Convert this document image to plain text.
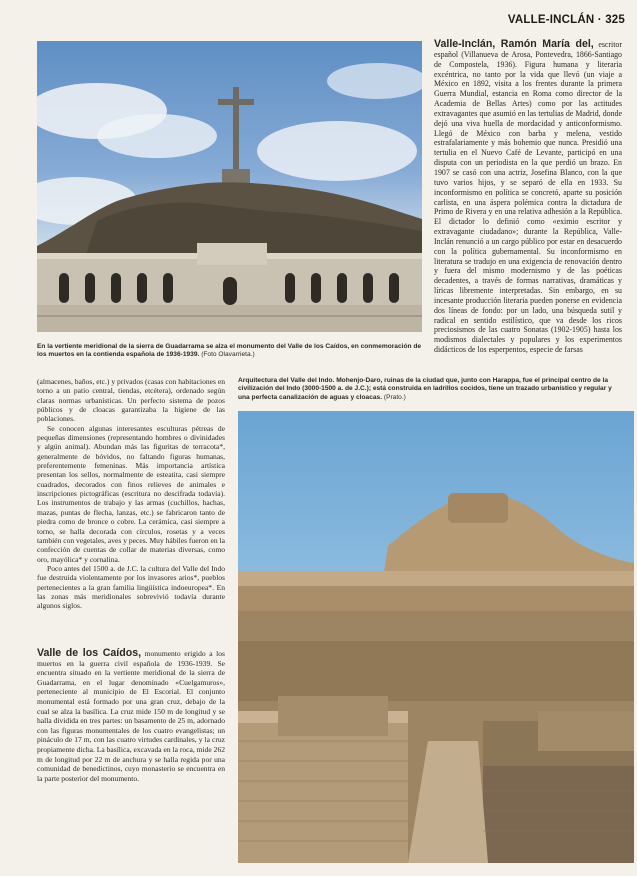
VALLE-INCLÁN · 325
En la vertiente meridional de la sierra de Guadarrama se alza el monumento del Valle de los Caídos, en conmemoración de los muertos en la contienda española de 1936-1939. (Foto Olavarrieta.)

Valle-Inclán, Ramón María del, escritor español (Villanueva de Arosa, Pontevedra, 1866-Santiago de Compostela, 1936). Figura humana y literaria excéntrica, no tanto por la vida que llevó (un viaje a México en 1892, visita a los frentes durante la primera Guerra Mundial, estancia en Roma como director de la Academia de Bellas Artes) como por las actitudes extravagantes que asumió en las tertulias de Madrid, donde dejó una viva huella de mordacidad y anticonformismo. Llegó de México con barba y melena, vestido estrafalariamente y más bohemio que nunca. Presidió una tertulia en el Nuevo Café de Levante, participó en una disputa con un periodista en la que perdió un brazo. En 1907 se casó con una actriz, Josefina Blanco, con la que tuvo varios hijos, y se separó de ella en 1933. Su inconformismo en política se concretó, aparte su posición carlista, en una áspera polémica contra la dictadura de Primo de Rivera y en una relativa adhesión a la República. El dictador lo definió como «eximio escritor y extravagante ciudadano»; durante la República, Valle-Inclán renunció a un cargo público por estar en desacuerdo con la política gubernamental. Su inconformismo en literatura se tradujo en una exigencia de renovación dentro y fuera del mismo modernismo y de las poéticas decadentes, a través de formas narrativas, dramáticas y líricas libremente interpretadas. Sin embargo, en su incesante producción literaria pueden ponerse en evidencia dos líneas de fondo: por un lado, una búsqueda sutil y radical en sentido estilístico, que va desde los ricos preciosismos de las cuatro Sonatas (1902-1905) hasta los modismos dialectales y populares y los experimentos didácticos de los esperpentos, especie de farsas

(almacenes, baños, etc.) y privados (casas con habitaciones en torno a un patio central, tiendas, etcétera), ordenado según claras normas urbanísticas. Un perfecto sistema de pozos públicos y de cloacas garantizaba la higiene de las poblaciones.

Se conocen algunas interesantes esculturas pétreas de pequeñas dimensiones (representando hombres o divinidades y algún animal). Abundan más las figuritas de terracota*, generalmente de bóvidos, no faltando figuras humanas, preferentemente femeninas. Más importancia artística presentan los sellos, normalmente de esteatita, casi siempre cuadrados, decorados con finos relieves de animales e inscripciones pictográficas (escritura no descifrada todavía). Los instrumentos de trabajo y las armas (cuchillos, hachas, mazas, puntas de flecha, lanzas, etc.) se fabricaron tanto de piedra como de bronce o cobre. La cerámica, casi siempre a torno, se halla decorada con círculos, rosetas y a veces también con vegetales, aves y peces. Muy hábiles fueron en la confección de cuentas de collar de materias diversas, como oro, mayólica* y cornalina.

Poco antes del 1500 a. de J.C. la cultura del Valle del Indo fue destruida violentamente por los invasores arios*, pueblos pertenecientes a la gran familia lingüística indoeuropea*. En las zonas más meridionales sobrevivió todavía durante algunos siglos.

Valle de los Caídos, monumento erigido a los muertos en la guerra civil española de 1936-1939. Se encuentra situado en la vertiente meridional de la sierra de Guadarrama, en el lugar denominado «Cuelgamuros», perteneciente al municipio de El Escorial. El conjunto monumental está formado por una gran cruz, debajo de la cual se alza la basílica. La cruz mide 150 m de longitud y se halla dividida en tres partes: un basamento de 25 m, adornado con las figuras monumentales de los cuatro evangelistas; un pináculo de 17 m, con las cuatro virtudes cardinales, y la cruz propiamente dicha. La basílica, excavada en la roca, mide 262 m de longitud por 22 m de anchura y se halla regida por una comunidad de benedictinos, cuyo monasterio se encuentra en la parte posterior del monumento.

Arquitectura del Valle del Indo. Mohenjo-Daro, ruinas de la ciudad que, junto con Harappa, fue el principal centro de la civilización del Indo (3000-1500 a. de J.C.); está construida en ladrillos cocidos, tiene un trazado urbanístico y regular y una perfecta canalización de aguas y cloacas. (Prato.)
